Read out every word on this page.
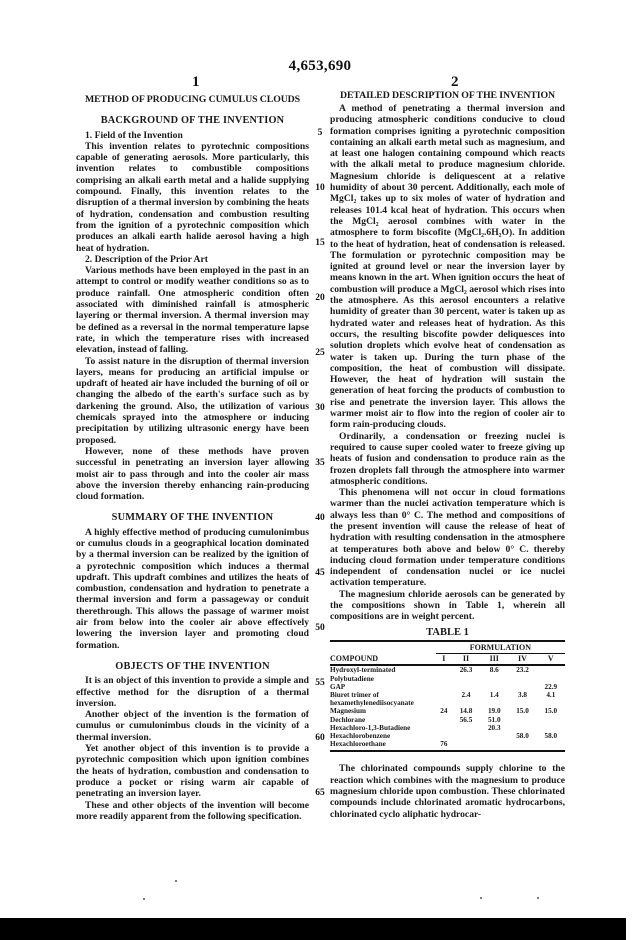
4,653,690
1	2
METHOD OF PRODUCING CUMULUS CLOUDS
BACKGROUND OF THE INVENTION

1. Field of the Invention

This invention relates to pyrotechnic compositions capable of generating aerosols. More particularly, this invention relates to combustible compositions comprising an alkali earth metal and a halide supplying compound. Finally, this invention relates to the disruption of a thermal inversion by combining the heats of hydration, condensation and combustion resulting from the ignition of a pyrotechnic composition which produces an alkali earth halide aerosol having a high heat of hydration.

2. Description of the Prior Art

Various methods have been employed in the past in an attempt to control or modify weather conditions so as to produce rainfall. One atmospheric condition often associated with diminished rainfall is atmospheric layering or thermal inversion. A thermal inversion may be defined as a reversal in the normal temperature lapse rate, in which the temperature rises with increased elevation, instead of falling.

To assist nature in the disruption of thermal inversion layers, means for producing an artificial impulse or updraft of heated air have included the burning of oil or changing the albedo of the earth's surface such as by darkening the ground. Also, the utilization of various chemicals sprayed into the atmosphere or inducing precipitation by utilizing ultrasonic energy have been proposed.

However, none of these methods have proven successful in penetrating an inversion layer allowing moist air to pass through and into the cooler air mass above the inversion thereby enhancing rain-producing cloud formation.

SUMMARY OF THE INVENTION

A highly effective method of producing cumulonimbus or cumulus clouds in a geographical location dominated by a thermal inversion can be realized by the ignition of a pyrotechnic composition which induces a thermal updraft. This updraft combines and utilizes the heats of combustion, condensation and hydration to penetrate a thermal inversion and form a passageway or conduit therethrough. This allows the passage of warmer moist air from below into the cooler air above effectively lowering the inversion layer and promoting cloud formation.

OBJECTS OF THE INVENTION

It is an object of this invention to provide a simple and effective method for the disruption of a thermal inversion.

Another object of the invention is the formation of cumulus or cumulonimbus clouds in the vicinity of a thermal inversion.

Yet another object of this invention is to provide a pyrotechnic composition which upon ignition combines the heats of hydration, combustion and condensation to produce a pocket or rising warm air capable of penetrating an inversion layer.

These and other objects of the invention will become more readily apparent from the following specification.

5
10
15
20
25
30
35
40
45
50
55
60
65
DETAILED DESCRIPTION OF THE INVENTION

A method of penetrating a thermal inversion and producing atmospheric conditions conducive to cloud formation comprises igniting a pyrotechnic composition containing an alkali earth metal such as magnesium, and at least one halogen containing compound which reacts with the alkali metal to produce magnesium chloride. Magnesium chloride is deliquescent at a relative humidity of about 30 percent. Additionally, each mole of MgCl₂ takes up to six moles of water of hydration and releases 101.4 kcal heat of hydration. This occurs when the MgCl₂ aerosol combines with water in the atmosphere to form biscofite (MgCl₂.6H₂O). In addition to the heat of hydration, heat of condensation is released. The formulation or pyrotechnic composition may be ignited at ground level or near the inversion layer by means known in the art. When ignition occurs the heat of combustion will produce a MgCl₂ aerosol which rises into the atmosphere. As this aerosol encounters a relative humidity of greater than 30 percent, water is taken up as hydrated water and releases heat of hydration. As this occurs, the resulting biscofite powder deliquesces into solution droplets which evolve heat of condensation as water is taken up. During the turn phase of the composition, the heat of combustion will dissipate. However, the heat of hydration will sustain the generation of heat forcing the products of combustion to rise and penetrate the inversion layer. This allows the warmer moist air to flow into the region of cooler air to form rain-producing clouds.

Ordinarily, a condensation or freezing nuclei is required to cause super cooled water to freeze giving up heats of fusion and condensation to produce rain as the frozen droplets fall through the atmosphere into warmer atmospheric conditions.

This phenomena will not occur in cloud formations warmer than the nuclei activation temperature which is always less than 0° C. The method and compositions of the present invention will cause the release of heat of hydration with resulting condensation in the atmosphere at temperatures both above and below 0° C. thereby inducing cloud formation under temperature conditions independent of condensation nuclei or ice nuclei activation temperature.

The magnesium chloride aerosols can be generated by the compositions shown in Table 1, wherein all compositions are in weight percent.

TABLE 1

	FORMULATION				
COMPOUND	I	II	III	IV	V
Hydroxyl-terminated Polybutadiene		26.3	8.6	23.2	
GAP					22.9
Biuret trimer of hexamethylenediisocyanate		2.4	1.4	3.8	4.1
Magnesium	24	14.8	19.0	15.0	15.0
Dechlorane		56.5	51.0		
Hexachloro-1,3-Butadiene			20.3		
Hexachlorobenzene				58.0	58.0
Hexachloroethane	76				

The chlorinated compounds supply chlorine to the reaction which combines with the magnesium to produce magnesium chloride upon combustion. These chlorinated compounds include chlorinated aromatic hydrocarbons, chlorinated cyclo aliphatic hydrocar-
